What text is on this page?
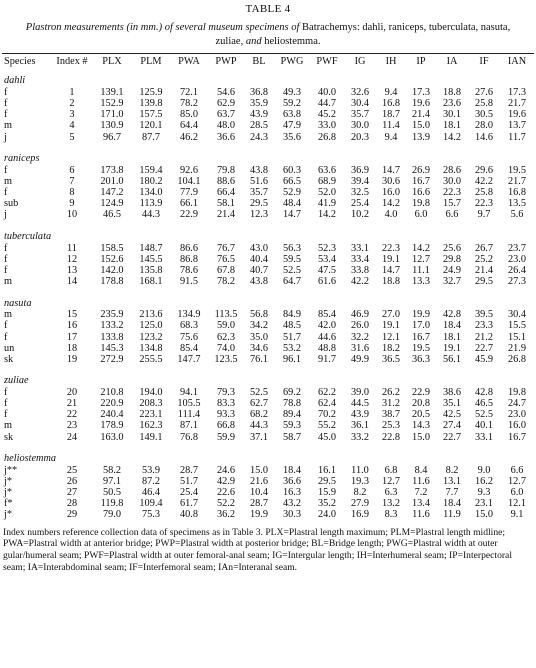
TABLE 4
Plastron measurements (in mm.) of several museum specimens of Batrachemys: dahli, raniceps, tuberculata, nasuta, zuliae, and heliostemma.
Species	Index #	PLX	PLM	PWA	PWP	BL	PWG	PWF	IG	IH	IP	IA	IF	IAN
dahli														
f	1	139.1	125.9	72.1	54.6	36.8	49.3	40.0	32.6	9.4	17.3	18.8	27.6	17.3
f	2	152.9	139.8	78.2	62.9	35.9	59.2	44.7	30.4	16.8	19.6	23.6	25.8	21.7
f	3	171.0	157.5	85.0	63.7	43.9	63.8	45.2	35.7	18.7	21.4	30.1	30.5	19.6
m	4	130.9	120.1	64.4	48.0	28.5	47.9	33.0	30.0	11.4	15.0	18.1	28.0	13.7
j	5	96.7	87.7	46.2	36.6	24.3	35.6	26.8	20.3	9.4	13.9	14.2	14.6	11.7

raniceps														
f	6	173.8	159.4	92.6	79.8	43.8	60.3	63.6	36.9	14.7	26.9	28.6	29.6	19.5
m	7	201.0	180.2	104.1	88.6	51.6	66.5	68.9	39.4	30.6	16.7	30.0	42.2	21.7
f	8	147.2	134.0	77.9	66.4	35.7	52.9	52.0	32.5	16.0	16.6	22.3	25.8	16.8
sub	9	124.9	113.9	66.1	58.1	29.5	48.4	41.9	25.4	14.2	19.8	15.7	22.3	13.5
j	10	46.5	44.3	22.9	21.4	12.3	14.7	14.2	10.2	4.0	6.0	6.6	9.7	5.6

tuberculata														
f	11	158.5	148.7	86.6	76.7	43.0	56.3	52.3	33.1	22.3	14.2	25.6	26.7	23.7
f	12	152.6	145.5	86.8	76.5	40.4	59.5	53.4	33.4	19.1	12.7	29.8	25.2	23.0
f	13	142.0	135.8	78.6	67.8	40.7	52.5	47.5	33.8	14.7	11.1	24.9	21.4	26.4
m	14	178.8	168.1	91.5	78.2	43.8	64.7	61.6	42.2	18.8	13.3	32.7	29.5	27.3

nasuta														
m	15	235.9	213.6	134.9	113.5	56.8	84.9	85.4	46.9	27.0	19.9	42.8	39.5	30.4
f	16	133.2	125.0	68.3	59.0	34.2	48.5	42.0	26.0	19.1	17.0	18.4	23.3	15.5
f	17	133.8	123.2	75.6	62.3	35.0	51.7	44.6	32.2	12.1	16.7	18.1	21.2	15.1
un	18	145.3	134.8	85.4	74.0	34.6	53.2	48.8	31.6	18.2	19.5	19.1	22.7	21.9
sk	19	272.9	255.5	147.7	123.5	76.1	96.1	91.7	49.9	36.5	36.3	56.1	45.9	26.8

zuliae														
f	20	210.8	194.0	94.1	79.3	52.5	69.2	62.2	39.0	26.2	22.9	38.6	42.8	19.8
f	21	220.9	208.3	105.5	83.3	62.7	78.8	62.4	44.5	31.2	20.8	35.1	46.5	24.7
f	22	240.4	223.1	111.4	93.3	68.2	89.4	70.2	43.9	38.7	20.5	42.5	52.5	23.0
m	23	178.9	162.3	87.1	66.8	44.3	59.3	55.2	36.1	25.3	14.3	27.4	40.1	16.0
sk	24	163.0	149.1	76.8	59.9	37.1	58.7	45.0	33.2	22.8	15.0	22.7	33.1	16.7

heliostemma														
j**	25	58.2	53.9	28.7	24.6	15.0	18.4	16.1	11.0	6.8	8.4	8.2	9.0	6.6
j*	26	97.1	87.2	51.7	42.9	21.6	36.6	29.5	19.3	12.7	11.6	13.1	16.2	12.7
j*	27	50.5	46.4	25.4	22.6	10.4	16.3	15.9	8.2	6.3	7.2	7.7	9.3	6.0
f*	28	119.8	109.4	61.7	52.2	28.7	43.2	35.2	27.9	13.2	13.4	18.4	23.1	12.1
j*	29	79.0	75.3	40.8	36.2	19.9	30.3	24.0	16.9	8.3	11.6	11.9	15.0	9.1
Index numbers reference collection data of specimens as in Table 3. PLX=Plastral length maximum; PLM=Plastral length midline; PWA=Plastral width at anterior bridge; PWP=Plastral width at posterior bridge; BL=Bridge length; PWG=Plastral width at outer gular/humeral seam; PWF=Plastral width at outer femoral-anal seam; IG=Intergular length; IH=Interhumeral seam; IP=Interpectoral seam; IA=Interabdominal seam; IF=Interfemoral seam; IAn=Interanal seam.
